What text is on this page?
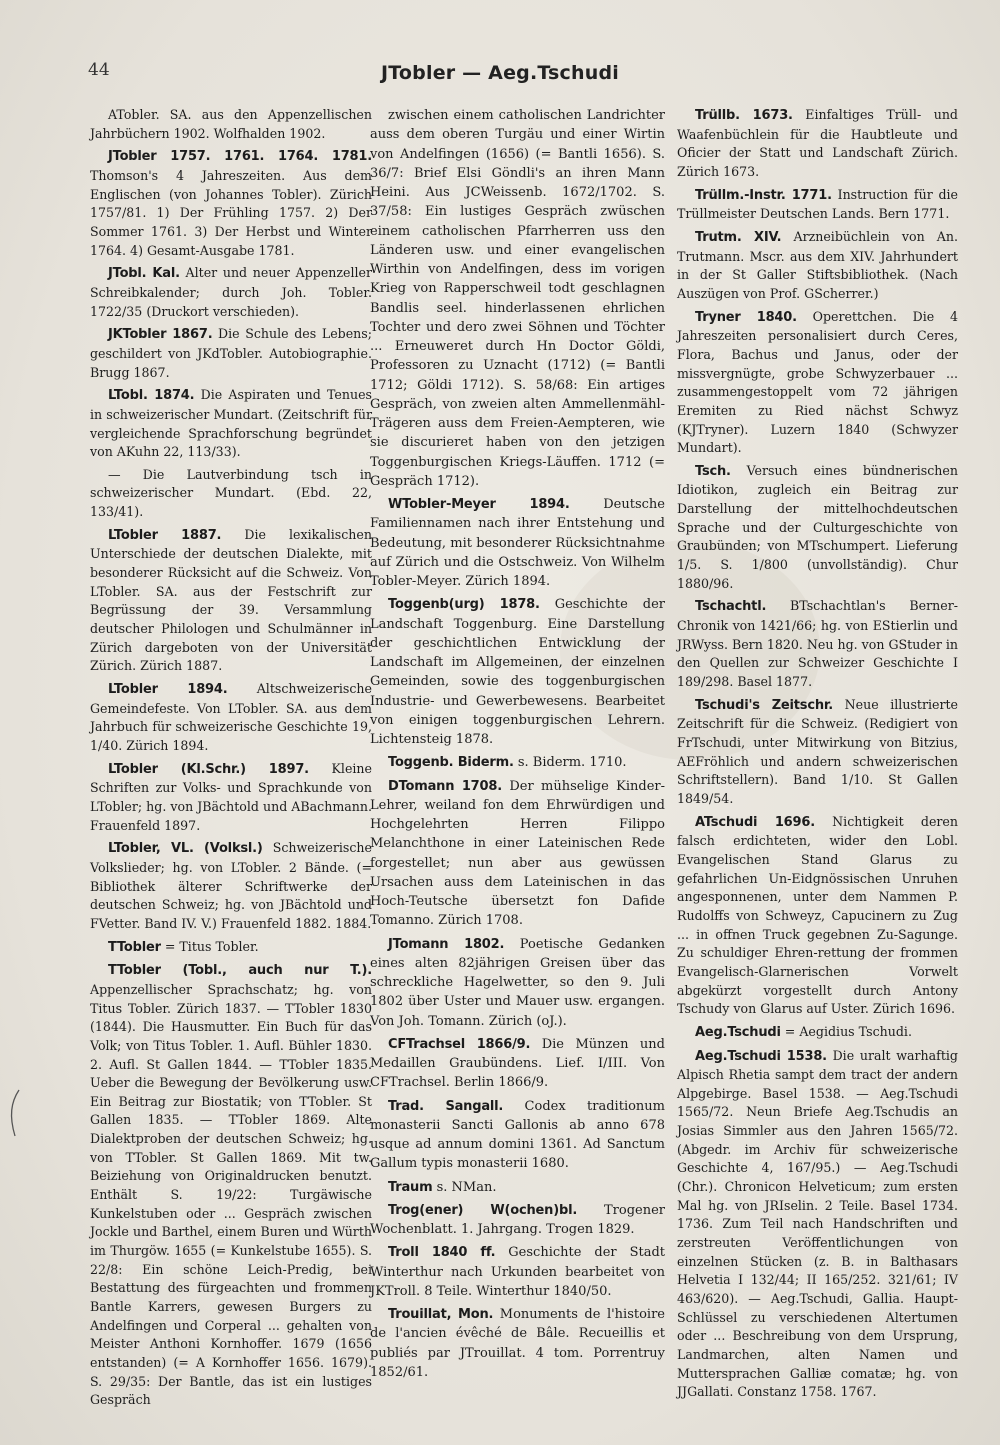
44	JTobler — Aeg.Tschudi
ATobler. SA. aus den Appenzellischen Jahrbüchern 1902. Wolfhalden 1902.
JTobler 1757. 1761. 1764. 1781. Thomson's 4 Jahreszeiten. Aus dem Englischen (von Johannes Tobler). Zürich 1757/81. 1) Der Frühling 1757. 2) Der Sommer 1761. 3) Der Herbst und Winter 1764. 4) Gesamt-Ausgabe 1781.
JTobl. Kal. Alter und neuer Appenzeller Schreibkalender; durch Joh. Tobler. 1722/35 (Druckort verschieden).
JKTobler 1867. Die Schule des Lebens; geschildert von JKdTobler. Autobiographie. Brugg 1867.
LTobl. 1874. Die Aspiraten und Tenues in schweizerischer Mundart. (Zeitschrift für vergleichende Sprachforschung begründet von AKuhn 22, 113/33).
— Die Lautverbindung tsch in schweizerischer Mundart. (Ebd. 22, 133/41).
LTobler 1887. Die lexikalischen Unterschiede der deutschen Dialekte, mit besonderer Rücksicht auf die Schweiz. Von LTobler. SA. aus der Festschrift zur Begrüssung der 39. Versammlung deutscher Philologen und Schulmänner in Zürich dargeboten von der Universität Zürich. Zürich 1887.
LTobler 1894. Altschweizerische Gemeindefeste. Von LTobler. SA. aus dem Jahrbuch für schweizerische Geschichte 19, 1/40. Zürich 1894.
LTobler (Kl.Schr.) 1897. Kleine Schriften zur Volks- und Sprachkunde von LTobler; hg. von JBächtold und ABachmann. Frauenfeld 1897.
LTobler, VL. (Volksl.) Schweizerische Volkslieder; hg. von LTobler. 2 Bände. (= Bibliothek älterer Schriftwerke der deutschen Schweiz; hg. von JBächtold und FVetter. Band IV. V.) Frauenfeld 1882. 1884.
TTobler = Titus Tobler.
TTobler (Tobl., auch nur T.). Appenzellischer Sprachschatz; hg. von Titus Tobler. Zürich 1837. — TTobler 1830 (1844). Die Hausmutter. Ein Buch für das Volk; von Titus Tobler. 1. Aufl. Bühler 1830. 2. Aufl. St Gallen 1844. — TTobler 1835. Ueber die Bewegung der Bevölkerung usw. Ein Beitrag zur Biostatik; von TTobler. St Gallen 1835. — TTobler 1869. Alte Dialektproben der deutschen Schweiz; hg. von TTobler. St Gallen 1869. Mit tw. Beiziehung von Originaldrucken benutzt. Enthält S. 19/22: Turgäwische Kunkelstuben oder ... Gespräch zwischen Jockle und Barthel, einem Buren und Würth im Thurgöw. 1655 (= Kunkelstube 1655). S. 22/8: Ein schöne Leich-Predig, bei Bestattung des fürgeachten und frommen Bantle Karrers, gewesen Burgers zu Andelfingen und Corperal ... gehalten von Meister Anthoni Kornhoffer. 1679 (1656 entstanden) (= A Kornhoffer 1656. 1679). S. 29/35: Der Bantle, das ist ein lustiges Gespräch
zwischen einem catholischen Landrichter auss dem oberen Turgäu und einer Wirtin von Andelfingen (1656) (= Bantli 1656). S. 36/7: Brief Elsi Göndli's an ihren Mann Heini. Aus JCWeissenb. 1672/1702. S. 37/58: Ein lustiges Gespräch zwüschen einem catholischen Pfarrherren uss den Länderen usw. und einer evangelischen Wirthin von Andelfingen, dess im vorigen Krieg von Rapperschweil todt geschlagnen Bandlis seel. hinderlassenen ehrlichen Tochter und dero zwei Söhnen und Töchter ... Erneuweret durch Hn Doctor Göldi, Professoren zu Uznacht (1712) (= Bantli 1712; Göldi 1712). S. 58/68: Ein artiges Gespräch, von zweien alten Ammellenmähl-Trägeren auss dem Freien-Aempteren, wie sie discurieret haben von den jetzigen Toggenburgischen Kriegs-Läuffen. 1712 (= Gespräch 1712).
WTobler-Meyer 1894. Deutsche Familiennamen nach ihrer Entstehung und Bedeutung, mit besonderer Rücksichtnahme auf Zürich und die Ostschweiz. Von Wilhelm Tobler-Meyer. Zürich 1894.
Toggenb(urg) 1878. Geschichte der Landschaft Toggenburg. Eine Darstellung der geschichtlichen Entwicklung der Landschaft im Allgemeinen, der einzelnen Gemeinden, sowie des toggenburgischen Industrie- und Gewerbewesens. Bearbeitet von einigen toggenburgischen Lehrern. Lichtensteig 1878.
Toggenb. Biderm. s. Biderm. 1710.
DTomann 1708. Der mühselige Kinder-Lehrer, weiland fon dem Ehrwürdigen und Hochgelehrten Herren Filippo Melanchthone in einer Lateinischen Rede forgestellet; nun aber aus gewüssen Ursachen auss dem Lateinischen in das Hoch-Teutsche übersetzt fon Dafide Tomanno. Zürich 1708.
JTomann 1802. Poetische Gedanken eines alten 82jährigen Greisen über das schreckliche Hagelwetter, so den 9. Juli 1802 über Uster und Mauer usw. ergangen. Von Joh. Tomann. Zürich (oJ.).
CFTrachsel 1866/9. Die Münzen und Medaillen Graubündens. Lief. I/III. Von CFTrachsel. Berlin 1866/9.
Trad. Sangall. Codex traditionum monasterii Sancti Gallonis ab anno 678 usque ad annum domini 1361. Ad Sanctum Gallum typis monasterii 1680.
Traum s. NMan.
Trog(ener) W(ochen)bl. Trogener Wochenblatt. 1. Jahrgang. Trogen 1829.
Troll 1840 ff. Geschichte der Stadt Winterthur nach Urkunden bearbeitet von JKTroll. 8 Teile. Winterthur 1840/50.
Trouillat, Mon. Monuments de l'histoire de l'ancien évêché de Bâle. Recueillis et publiés par JTrouillat. 4 tom. Porrentruy 1852/61.
Trüllb. 1673. Einfaltiges Trüll- und Waafenbüchlein für die Haubtleute und Oficier der Statt und Landschaft Zürich. Zürich 1673.
Trüllm.-Instr. 1771. Instruction für die Trüllmeister Deutschen Lands. Bern 1771.
Trutm. XIV. Arzneibüchlein von An. Trutmann. Mscr. aus dem XIV. Jahrhundert in der St Galler Stiftsbibliothek. (Nach Auszügen von Prof. GScherrer.)
Tryner 1840. Operettchen. Die 4 Jahreszeiten personalisiert durch Ceres, Flora, Bachus und Janus, oder der missvergnügte, grobe Schwyzerbauer ... zusammengestoppelt vom 72 jährigen Eremiten zu Ried nächst Schwyz (KJTryner). Luzern 1840 (Schwyzer Mundart).
Tsch. Versuch eines bündnerischen Idiotikon, zugleich ein Beitrag zur Darstellung der mittelhochdeutschen Sprache und der Culturgeschichte von Graubünden; von MTschumpert. Lieferung 1/5. S. 1/800 (unvollständig). Chur 1880/96.
Tschachtl. BTschachtlan's Berner-Chronik von 1421/66; hg. von EStierlin und JRWyss. Bern 1820. Neu hg. von GStuder in den Quellen zur Schweizer Geschichte I 189/298. Basel 1877.
Tschudi's Zeitschr. Neue illustrierte Zeitschrift für die Schweiz. (Redigiert von FrTschudi, unter Mitwirkung von Bitzius, AEFröhlich und andern schweizerischen Schriftstellern). Band 1/10. St Gallen 1849/54.
ATschudi 1696. Nichtigkeit deren falsch erdichteten, wider den Lobl. Evangelischen Stand Glarus zu gefahrlichen Un-Eidgnössischen Unruhen angesponnenen, unter dem Nammen P. Rudolffs von Schweyz, Capucinern zu Zug ... in offnen Truck gegebnen Zu-Sagunge. Zu schuldiger Ehren-rettung der frommen Evangelisch-Glarnerischen Vorwelt abgekürzt vorgestellt durch Antony Tschudy von Glarus auf Uster. Zürich 1696.
Aeg.Tschudi = Aegidius Tschudi.
Aeg.Tschudi 1538. Die uralt warhaftig Alpisch Rhetia sampt dem tract der andern Alpgebirge. Basel 1538. — Aeg.Tschudi 1565/72. Neun Briefe Aeg.Tschudis an Josias Simmler aus den Jahren 1565/72. (Abgedr. im Archiv für schweizerische Geschichte 4, 167/95.) — Aeg.Tschudi (Chr.). Chronicon Helveticum; zum ersten Mal hg. von JRIselin. 2 Teile. Basel 1734. 1736. Zum Teil nach Handschriften und zerstreuten Veröffentlichungen von einzelnen Stücken (z. B. in Balthasars Helvetia I 132/44; II 165/252. 321/61; IV 463/620). — Aeg.Tschudi, Gallia. Haupt-Schlüssel zu verschiedenen Altertumen oder ... Beschreibung von dem Ursprung, Landmarchen, alten Namen und Muttersprachen Galliæ comatæ; hg. von JJGallati. Constanz 1758. 1767.
